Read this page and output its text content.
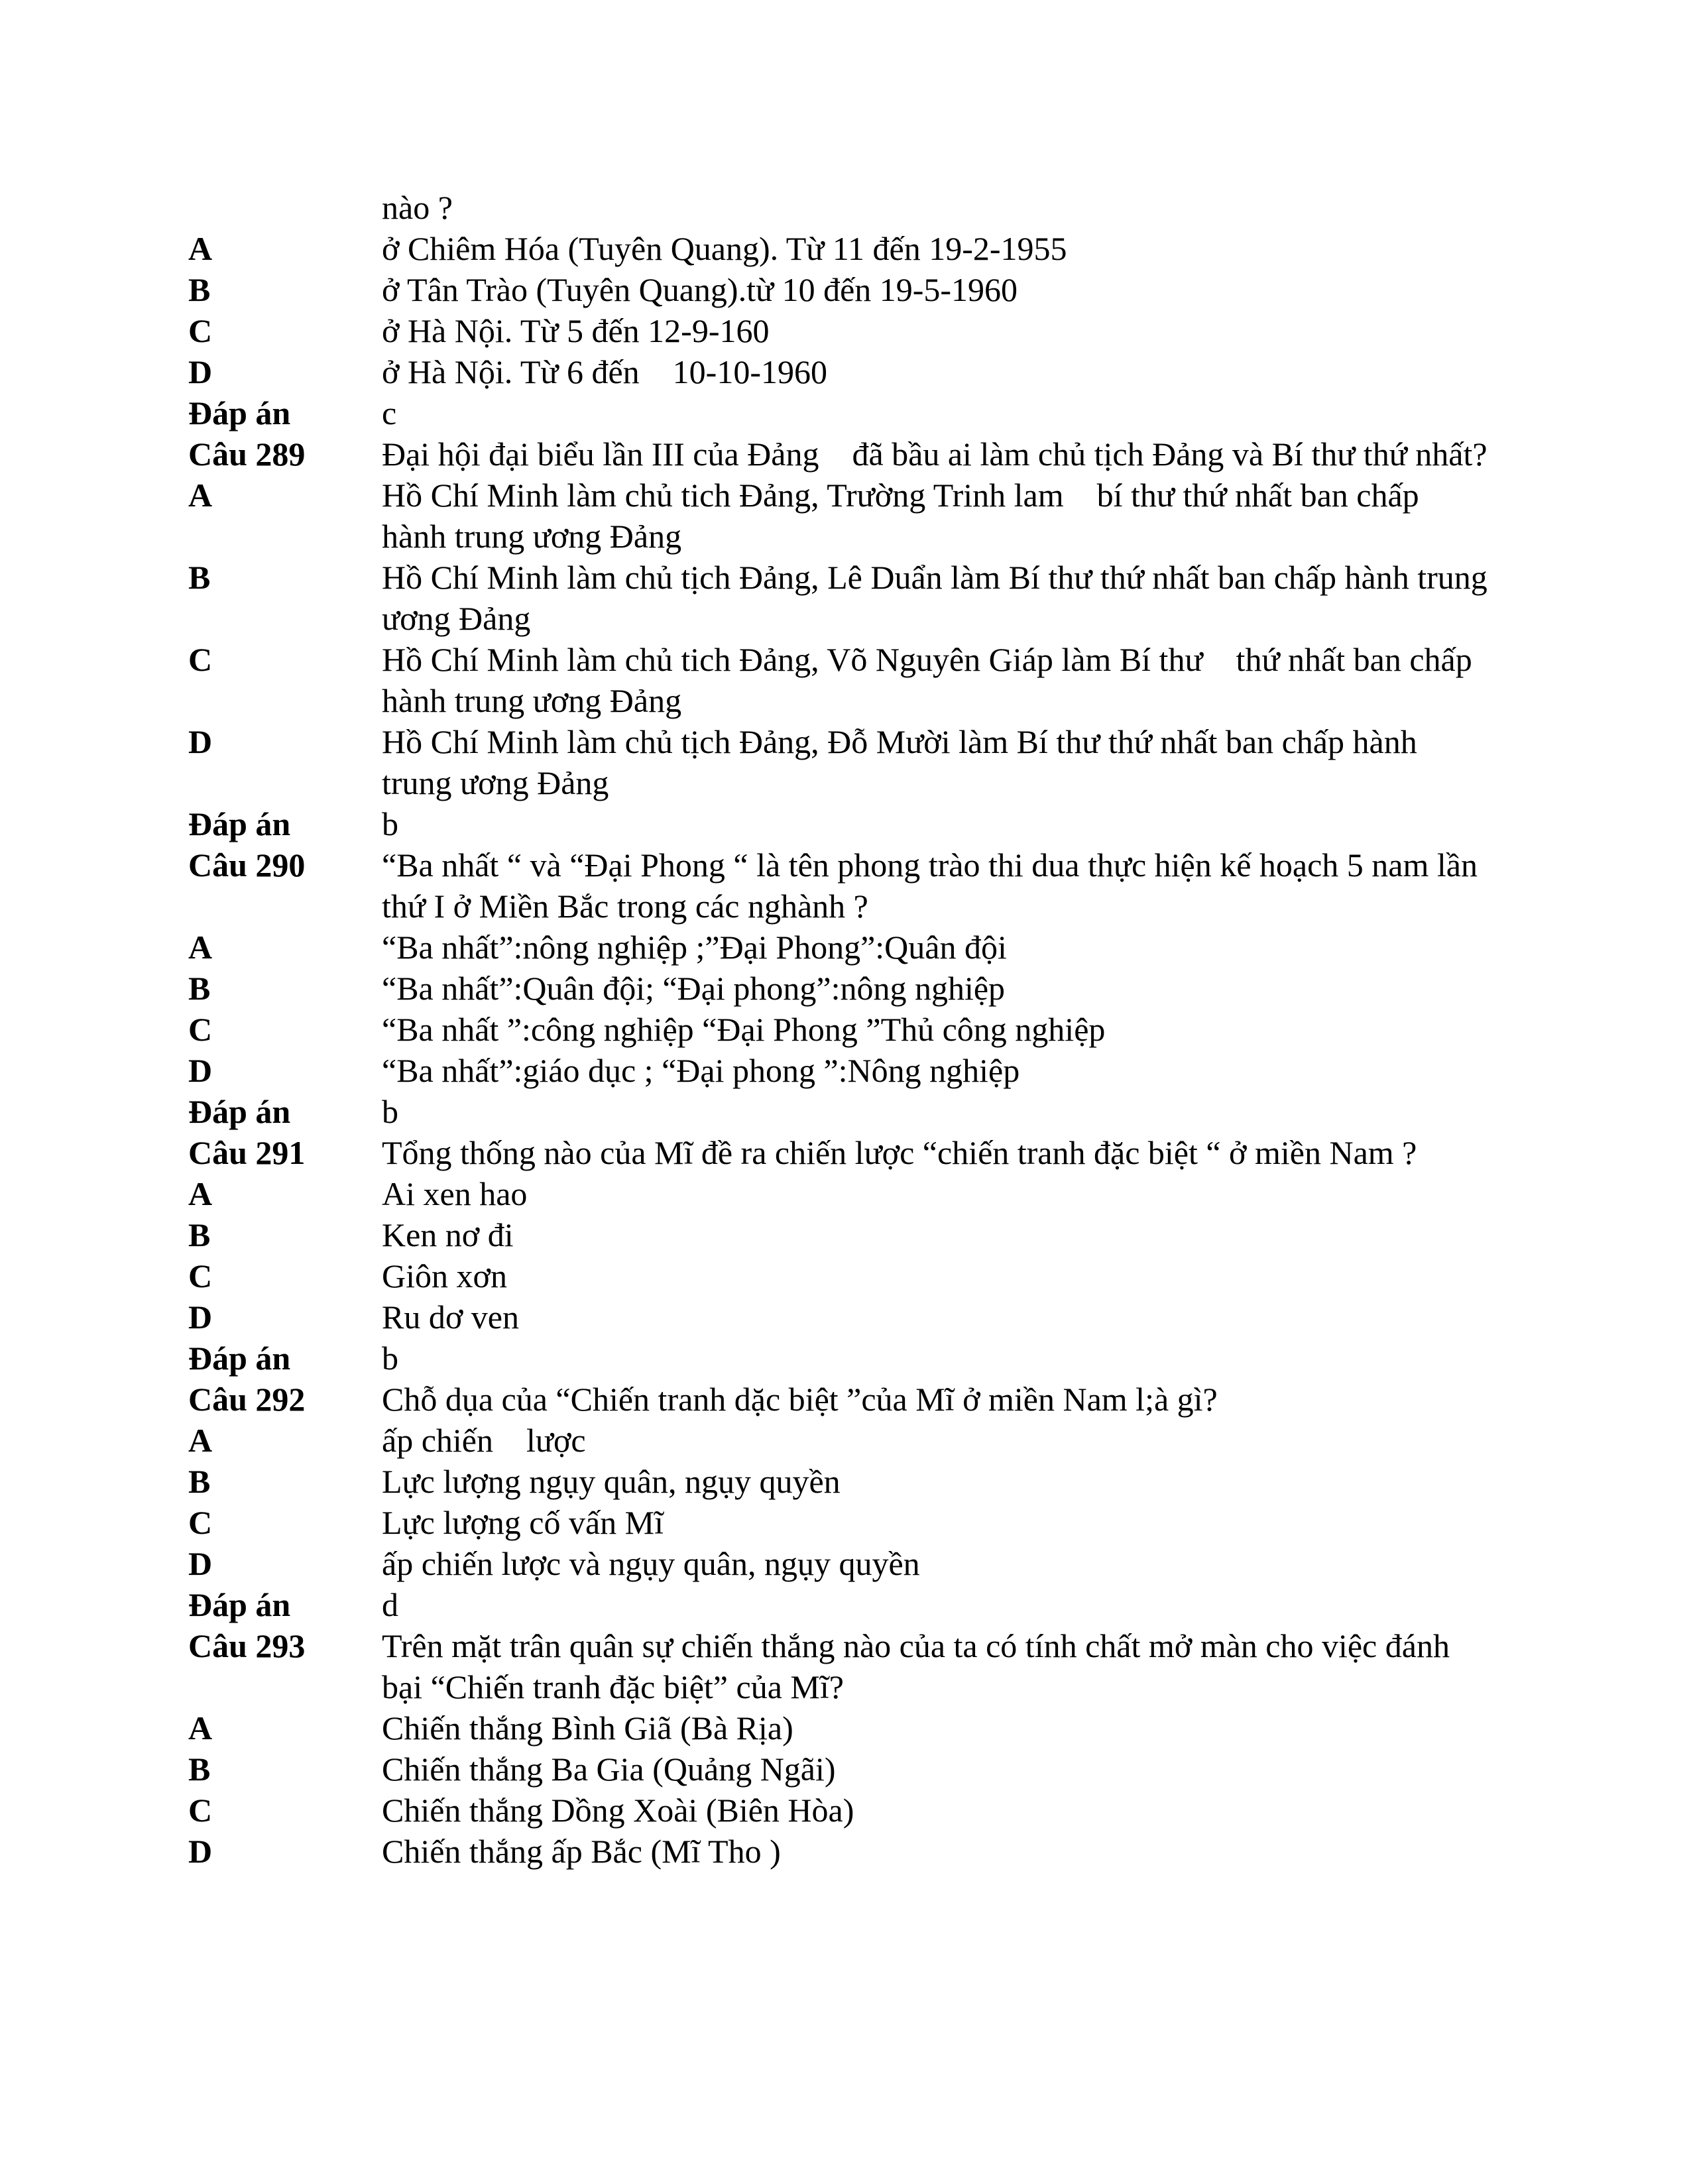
nào ?
A	ở Chiêm Hóa (Tuyên Quang). Từ 11 đến 19-2-1955
B	ở Tân Trào (Tuyên Quang).từ 10 đến 19-5-1960
C	ở Hà Nội. Từ 5 đến 12-9-160
D	ở Hà Nội. Từ 6 đến    10-10-1960
Đáp án	c
Câu 289	Đại hội đại biểu lần III của Đảng    đã bầu ai làm chủ tịch Đảng và Bí thư thứ nhất?
A	Hồ Chí Minh làm chủ tich Đảng, Trường Trinh lam    bí thư thứ nhất ban chấp hành trung ương Đảng
B	Hồ Chí Minh làm chủ tịch Đảng, Lê Duẩn làm Bí thư thứ nhất ban chấp hành trung ương Đảng
C	Hồ Chí Minh làm chủ tich Đảng, Võ Nguyên Giáp làm Bí thư    thứ nhất ban chấp hành trung ương Đảng
D	Hồ Chí Minh làm chủ tịch Đảng, Đỗ Mười làm Bí thư thứ nhất ban chấp hành trung ương Đảng
Đáp án	b
Câu 290	“Ba nhất “ và “Đại Phong “ là tên phong trào thi dua thực hiện kế hoạch 5 nam lần thứ I ở Miền Bắc trong các nghành ?
A	“Ba nhất”:nông nghiệp ;”Đại Phong”:Quân đội
B	“Ba nhất”:Quân đội; “Đại phong”:nông nghiệp
C	“Ba nhất ”:công nghiệp “Đại Phong ”Thủ công nghiệp
D	“Ba nhất”:giáo dục ; “Đại phong ”:Nông nghiệp
Đáp án	b
Câu 291	Tổng thống nào của Mĩ đề ra chiến lược “chiến tranh đặc biệt “ ở miền Nam ?
A	Ai xen hao
B	Ken nơ đi
C	Giôn xơn
D	Ru dơ ven
Đáp án	b
Câu 292	Chỗ dụa của “Chiến tranh dặc biệt ”của Mĩ ở miền Nam l;à gì?
A	ấp chiến    lược
B	Lực lượng ngụy quân, ngụy quyền
C	Lực lượng cố vấn Mĩ
D	ấp chiến lược và ngụy quân, ngụy quyền
Đáp án	d
Câu 293	Trên mặt trân quân sự chiến thắng nào của ta có tính chất mở màn cho việc đánh bại “Chiến tranh đặc biệt” của Mĩ?
A	Chiến thắng Bình Giã (Bà Rịa)
B	Chiến thắng Ba Gia (Quảng Ngãi)
C	Chiến thắng Dồng Xoài (Biên Hòa)
D	Chiến thắng ấp Bắc (Mĩ Tho )
